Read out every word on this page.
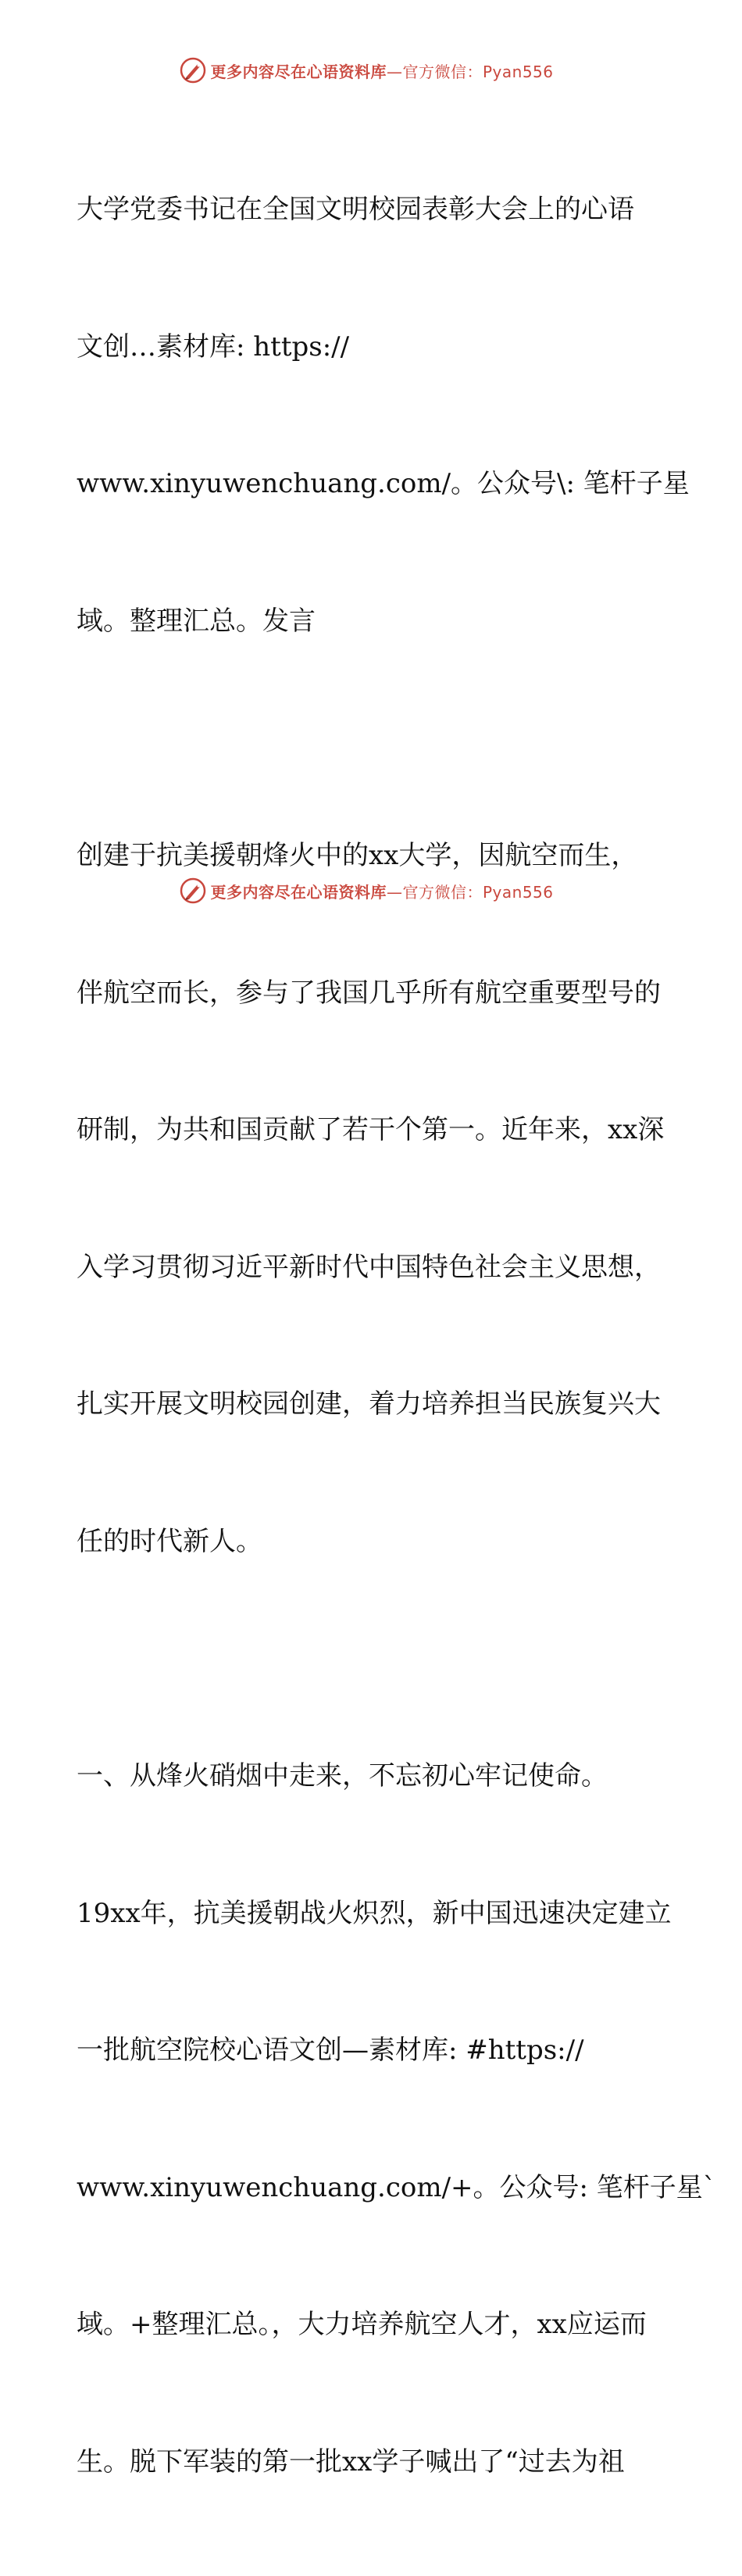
更多内容尽在心语资料库—官方微信：Pyan556

大学党委书记在全国文明校园表彰大会上的心语

文创…素材库: https://

www.xinyuwenchuang.com/。公众号\: 笔杆子星

域。整理汇总。发言

创建于抗美援朝烽火中的xx大学，因航空而生，

伴航空而长，参与了我国几乎所有航空重要型号的

研制，为共和国贡献了若干个第一。近年来，xx深

入学习贯彻习近平新时代中国特色社会主义思想，

扎实开展文明校园创建，着力培养担当民族复兴大

任的时代新人。

一、从烽火硝烟中走来，不忘初心牢记使命。

19xx年，抗美援朝战火炽烈，新中国迅速决定建立

一批航空院校心语文创—素材库: #https://

www.xinyuwenchuang.com/+。公众号: 笔杆子星`

域。+整理汇总。，大力培养航空人才，xx应运而

生。脱下军装的第一批xx学子喊出了“过去为祖

更多内容尽在心语资料库—官方微信：Pyan556
